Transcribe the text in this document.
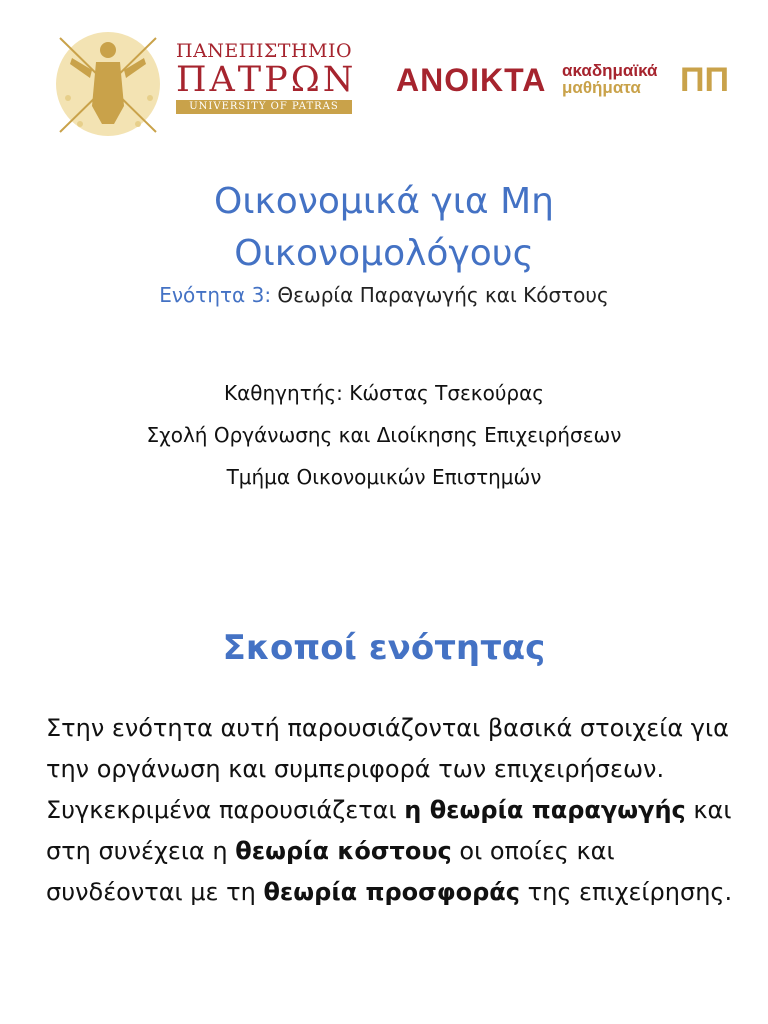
ΠΑΝΕΠΙΣΤΗΜΙΟ
ΠΑΤΡΩΝ
UNIVERSITY OF PATRAS
ΑΝΟΙΚΤΑ ακαδημαϊκά
μαθήματα	ΠΠ
Οικονομικά για Μη
Οικονομολόγους
Ενότητα 3: Θεωρία Παραγωγής και Κόστους
Καθηγητής: Κώστας Τσεκούρας
Σχολή Οργάνωσης και Διοίκησης Επιχειρήσεων
Τμήμα Οικονομικών Επιστημών
Σκοποί ενότητας
Στην ενότητα αυτή παρουσιάζονται βασικά στοιχεία για την οργάνωση και συμπεριφορά των επιχειρήσεων. Συγκεκριμένα παρουσιάζεται η θεωρία παραγωγής και στη συνέχεια η θεωρία κόστους οι οποίες και συνδέονται με τη θεωρία προσφοράς της επιχείρησης.
